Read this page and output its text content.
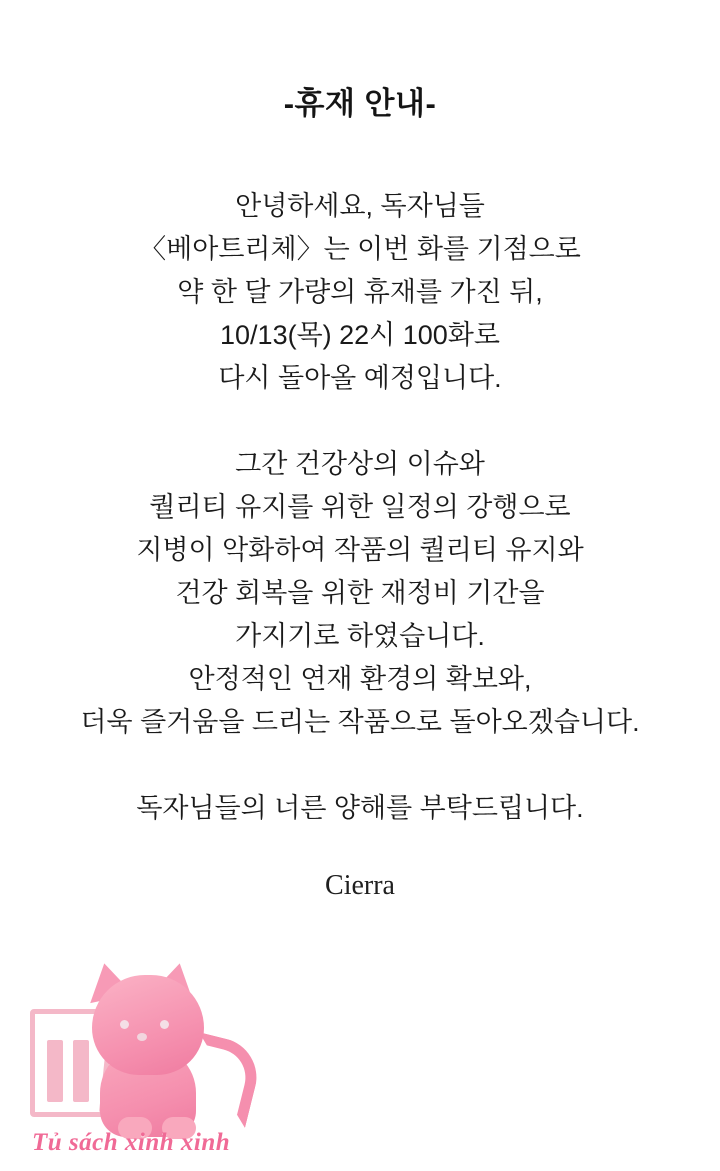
-휴재 안내-

안녕하세요, 독자님들
〈베아트리체〉는 이번 화를 기점으로
약 한 달 가량의 휴재를 가진 뒤,
10/13(목) 22시 100화로
다시 돌아올 예정입니다.

그간 건강상의 이슈와
퀄리티 유지를 위한 일정의 강행으로
지병이 악화하여 작품의 퀄리티 유지와
건강 회복을 위한 재정비 기간을
가지기로 하였습니다.
안정적인 연재 환경의 확보와,
더욱 즐거움을 드리는 작품으로 돌아오겠습니다.

독자님들의 너른 양해를 부탁드립니다.

Cierra
Tủ sách xinh xinh
